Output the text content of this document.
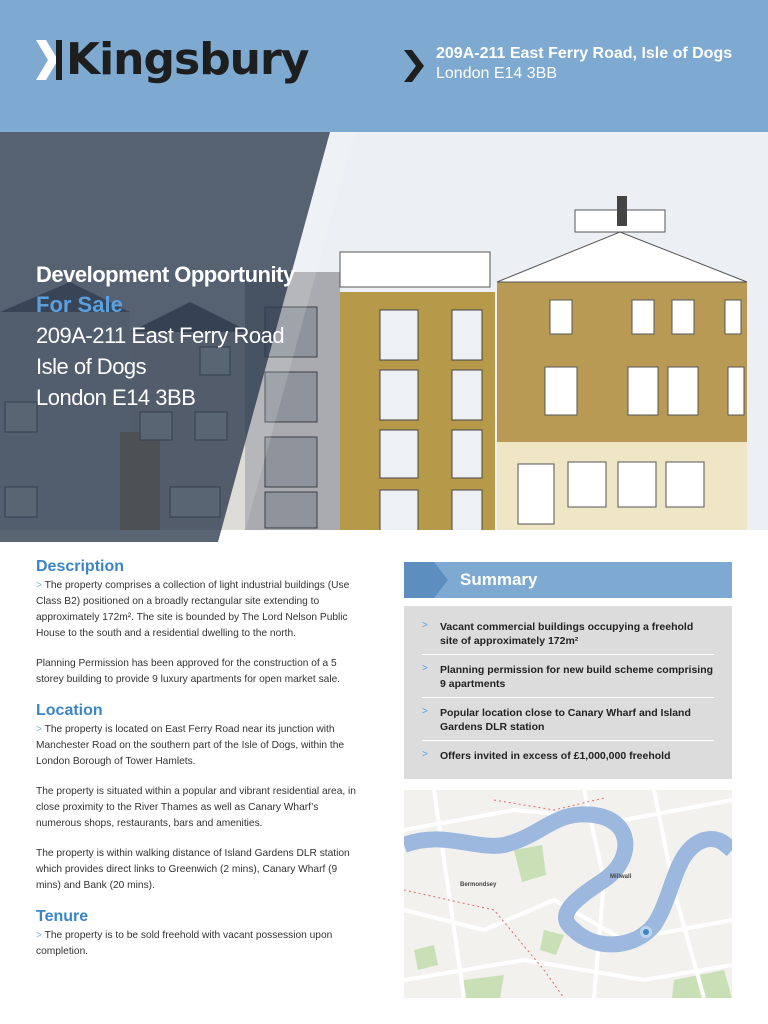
Kingsbury	209A-211 East Ferry Road, Isle of Dogs
London E14 3BB
Development Opportunity
For Sale
209A-211 East Ferry Road
Isle of Dogs
London E14 3BB
Description

> The property comprises a collection of light industrial buildings (Use Class B2) positioned on a broadly rectangular site extending to approximately 172m². The site is bounded by The Lord Nelson Public House to the south and a residential dwelling to the north.

Planning Permission has been approved for the construction of a 5 storey building to provide 9 luxury apartments for open market sale.

Location

> The property is located on East Ferry Road near its junction with Manchester Road on the southern part of the Isle of Dogs, within the London Borough of Tower Hamlets.

The property is situated within a popular and vibrant residential area, in close proximity to the River Thames as well as Canary Wharf’s numerous shops, restaurants, bars and amenities.

The property is within walking distance of Island Gardens DLR station which provides direct links to Greenwich (2 mins), Canary Wharf (9 mins) and Bank (20 mins).

Tenure

> The property is to be sold freehold with vacant possession upon completion.

Summary
>	Vacant commercial buildings occupying a freehold site of approximately 172m²
>	Planning permission for new build scheme comprising 9 apartments
>	Popular location close to Canary Wharf and Island Gardens DLR station
>	Offers invited in excess of £1,000,000 freehold
Bermondsey
Millwall
